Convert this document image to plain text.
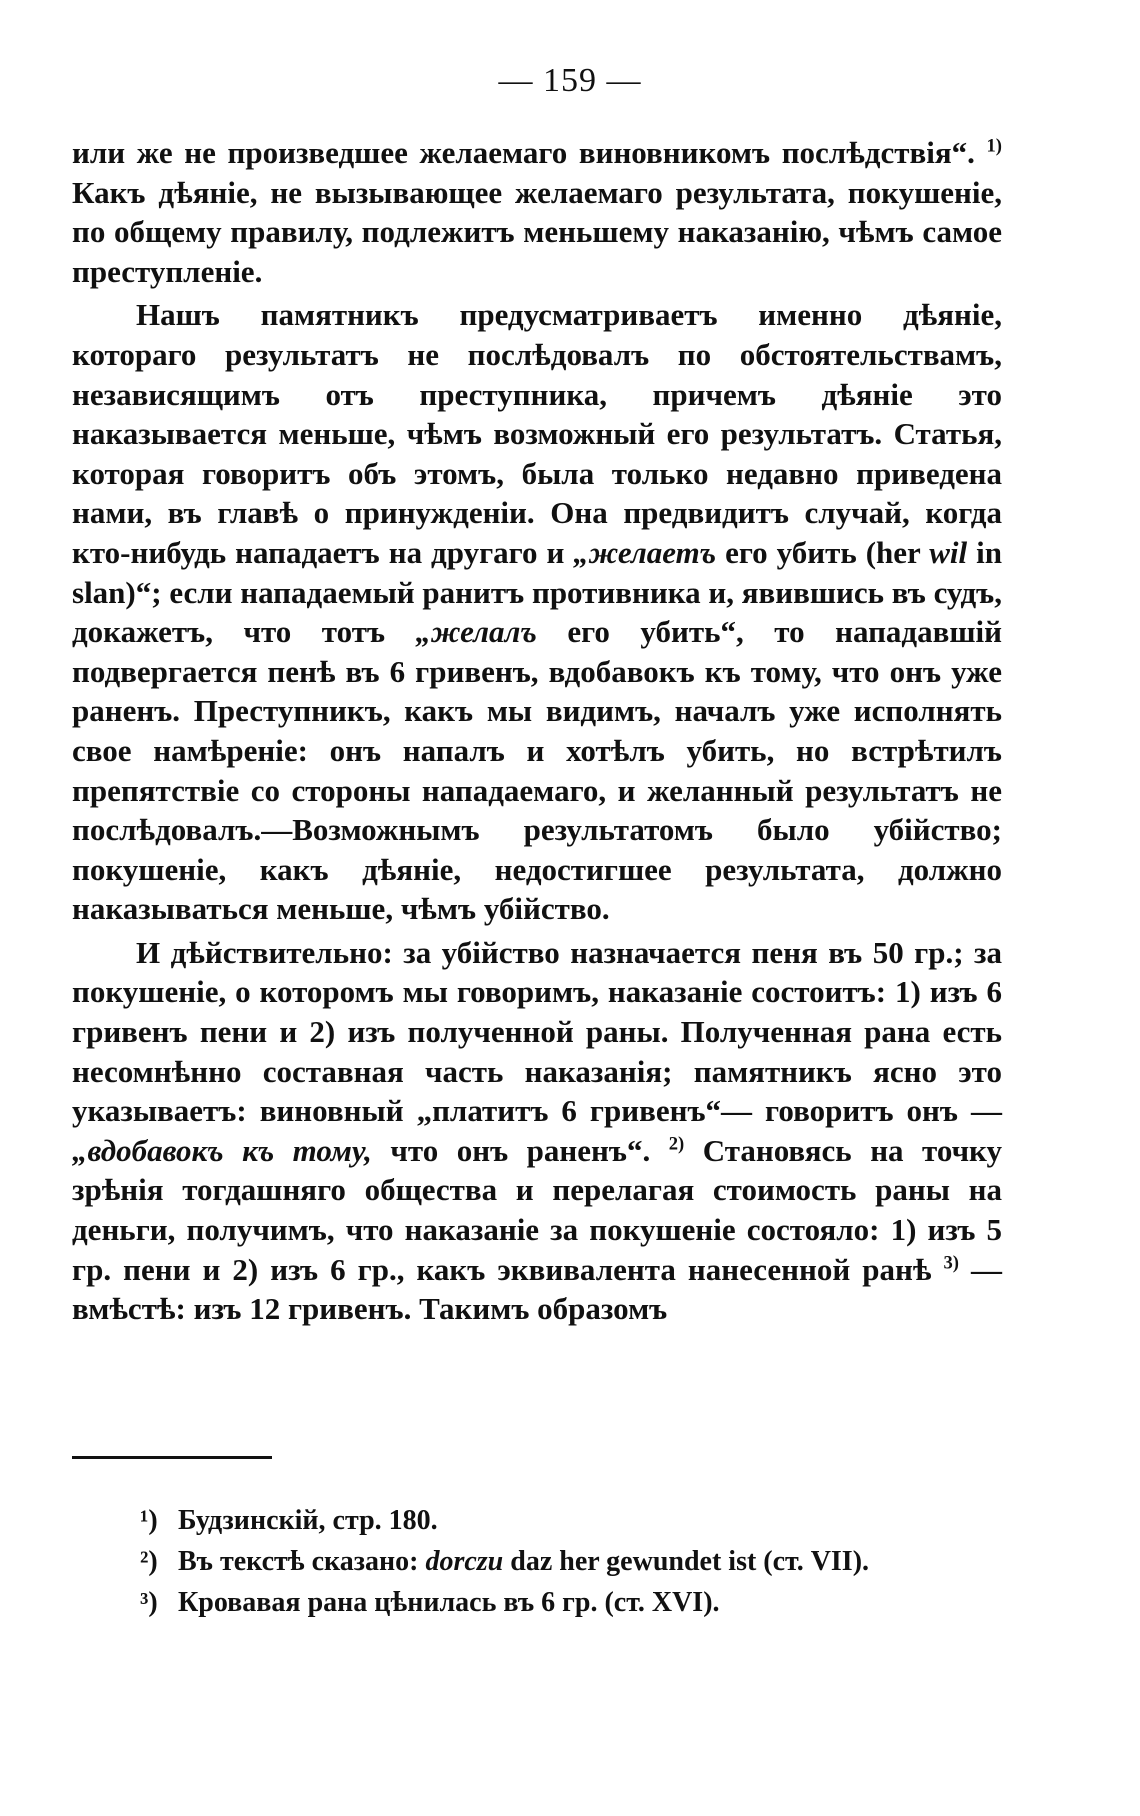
— 159 —

или же не произведшее желаемаго виновникомъ послѣдствія“. $^{1)}$ Какъ дѣяніе, не вызывающее желаемаго результата, покушеніе, по общему правилу, подлежитъ меньшему наказанію, чѣмъ самое преступленіе.

Нашъ памятникъ предусматриваетъ именно дѣяніе, котораго результатъ не послѣдовалъ по обстоятельствамъ, независящимъ отъ преступника, причемъ дѣяніе это наказывается меньше, чѣмъ возможный его результатъ. Статья, которая говоритъ объ этомъ, была только недавно приведена нами, въ главѣ о принужденіи. Она предвидитъ случай, когда кто-нибудь нападаетъ на другаго и „желаетъ его убить (her wil in slan)“; если нападаемый ранитъ противника и, явившись въ судъ, докажетъ, что тотъ „желалъ его убить“, то нападавшій подвергается пенѣ въ 6 гривенъ, вдобавокъ къ тому, что онъ уже раненъ. Преступникъ, какъ мы видимъ, началъ уже исполнять свое намѣреніе: онъ напалъ и хотѣлъ убить, но встрѣтилъ препятствіе со стороны нападаемаго, и желанный результатъ не послѣдовалъ.—Возможнымъ результатомъ было убійство; покушеніе, какъ дѣяніе, недостигшее результата, должно наказываться меньше, чѣмъ убійство.

И дѣйствительно: за убійство назначается пеня въ 50 гр.; за покушеніе, о которомъ мы говоримъ, наказаніе состоитъ: 1) изъ 6 гривенъ пени и 2) изъ полученной раны. Полученная рана есть несомнѣнно составная часть наказанія; памятникъ ясно это указываетъ: виновный „платитъ 6 гривенъ“— говоритъ онъ — „вдобавокъ къ тому, что онъ раненъ“. $^{2)}$ Становясь на точку зрѣнія тогдашняго общества и перелагая стоимость раны на деньги, получимъ, что наказаніе за покушеніе состояло: 1) изъ 5 гр. пени и 2) изъ 6 гр., какъ эквивалента нанесенной ранѣ $^{3)}$ — вмѣстѣ: изъ 12 гривенъ. Такимъ образомъ

¹) Будзинскій, стр. 180.
²) Въ текстѣ сказано: dorczu daz her gewundet ist (ст. VII).
³) Кровавая рана цѣнилась въ 6 гр. (ст. XVI).
